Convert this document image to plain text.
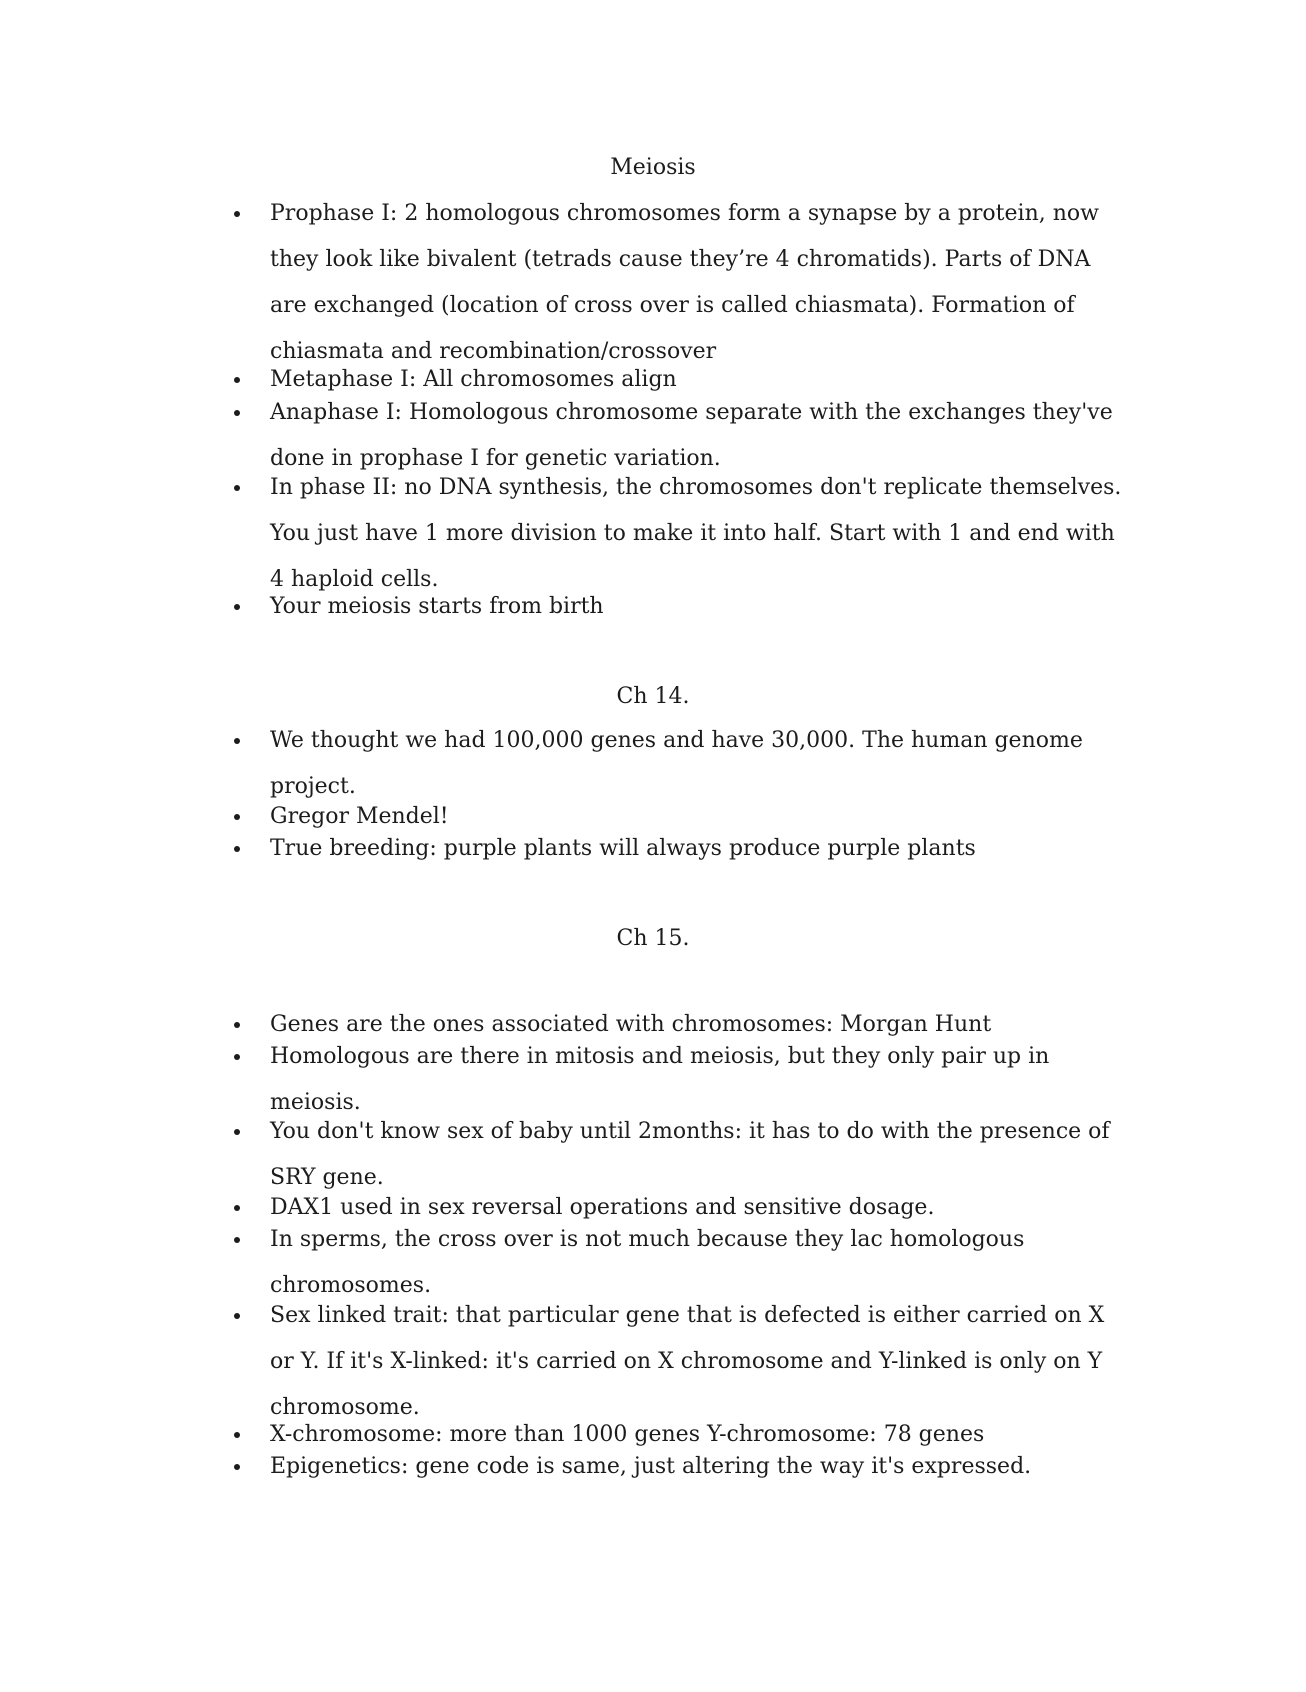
Meiosis
Prophase I: 2 homologous chromosomes form a synapse by a protein, now they look like bivalent (tetrads cause they’re 4 chromatids). Parts of DNA are exchanged (location of cross over is called chiasmata). Formation of chiasmata and recombination/crossover
Metaphase I: All chromosomes align
Anaphase I: Homologous chromosome separate with the exchanges they've done in prophase I for genetic variation.
In phase II: no DNA synthesis, the chromosomes don't replicate themselves. You just have 1 more division to make it into half. Start with 1 and end with 4 haploid cells.
Your meiosis starts from birth
Ch 14.
We thought we had 100,000 genes and have 30,000. The human genome project.
Gregor Mendel!
True breeding: purple plants will always produce purple plants
Ch 15.
Genes are the ones associated with chromosomes: Morgan Hunt
Homologous are there in mitosis and meiosis, but they only pair up in meiosis.
You don't know sex of baby until 2months: it has to do with the presence of SRY gene.
DAX1 used in sex reversal operations and sensitive dosage.
In sperms, the cross over is not much because they lac homologous chromosomes.
Sex linked trait: that particular gene that is defected is either carried on X or Y. If it's X-linked: it's carried on X chromosome and Y-linked is only on Y chromosome.
X-chromosome: more than 1000 genes Y-chromosome: 78 genes
Epigenetics: gene code is same, just altering the way it's expressed.
